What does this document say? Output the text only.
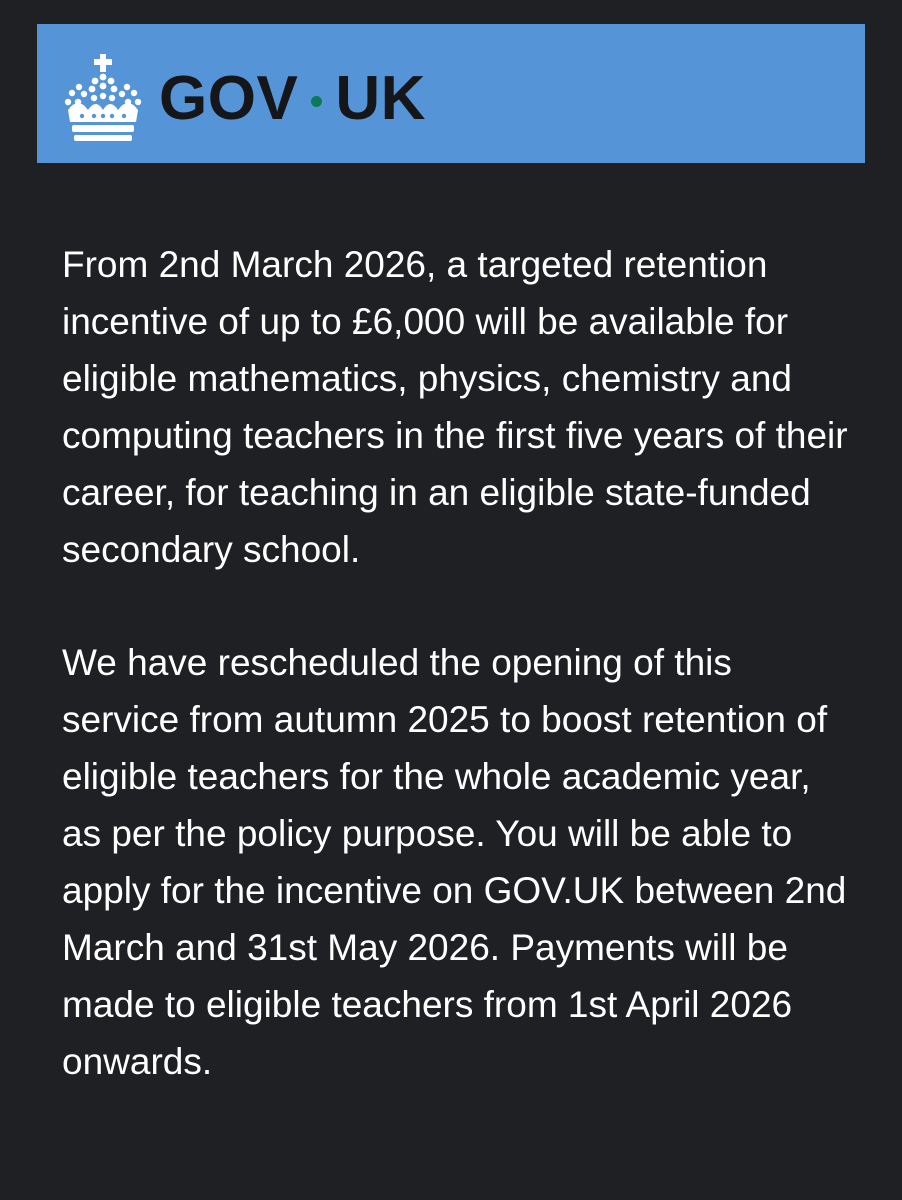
GOV UK

From 2nd March 2026, a targeted retention incentive of up to £6,000 will be available for eligible mathematics, physics, chemistry and computing teachers in the first five years of their career, for teaching in an eligible state-funded secondary school.

We have rescheduled the opening of this service from autumn 2025 to boost retention of eligible teachers for the whole academic year, as per the policy purpose. You will be able to apply for the incentive on GOV.UK between 2nd March and 31st May 2026. Payments will be made to eligible teachers from 1st April 2026 onwards.
